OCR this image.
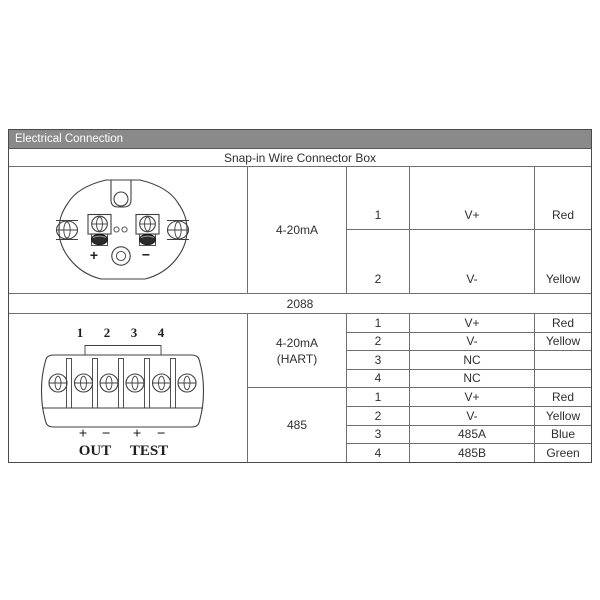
Electrical Connection
Snap-in Wire Connector Box
+	−
4-20mA
1	V+	Red
2	V-	Yellow
2088
1 2 3 4
+ − + −
OUT TEST
4-20mA
(HART)
1	V+	Red
2	V-	Yellow
3	NC
4	NC
485
1	V+	Red
2	V-	Yellow
3	485A	Blue
4	485B	Green
